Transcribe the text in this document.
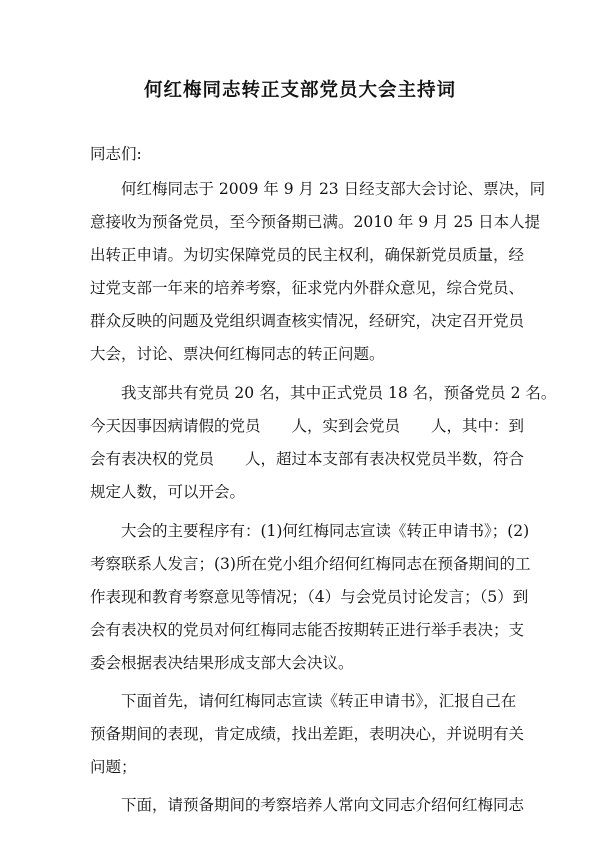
何红梅同志转正支部党员大会主持词

同志们:

何红梅同志于 2009 年 9 月 23 日经支部大会讨论、票决，同

意接收为预备党员，至今预备期已满。2010 年 9 月 25 日本人提

出转正申请。为切实保障党员的民主权利，确保新党员质量，经

过党支部一年来的培养考察，征求党内外群众意见，综合党员、

群众反映的问题及党组织调查核实情况，经研究，决定召开党员

大会，讨论、票决何红梅同志的转正问题。

我支部共有党员 20 名，其中正式党员 18 名，预备党员 2 名。

今天因事因病请假的党员　　人，实到会党员　　人，其中：到

会有表决权的党员　　人，超过本支部有表决权党员半数，符合

规定人数，可以开会。

大会的主要程序有：(1)何红梅同志宣读《转正申请书》；(2)

考察联系人发言；(3)所在党小组介绍何红梅同志在预备期间的工

作表现和教育考察意见等情况；（4）与会党员讨论发言；（5）到

会有表决权的党员对何红梅同志能否按期转正进行举手表决；支

委会根据表决结果形成支部大会决议。

下面首先，请何红梅同志宣读《转正申请书》，汇报自己在

预备期间的表现，肯定成绩，找出差距，表明决心，并说明有关

问题；

下面，请预备期间的考察培养人常向文同志介绍何红梅同志
